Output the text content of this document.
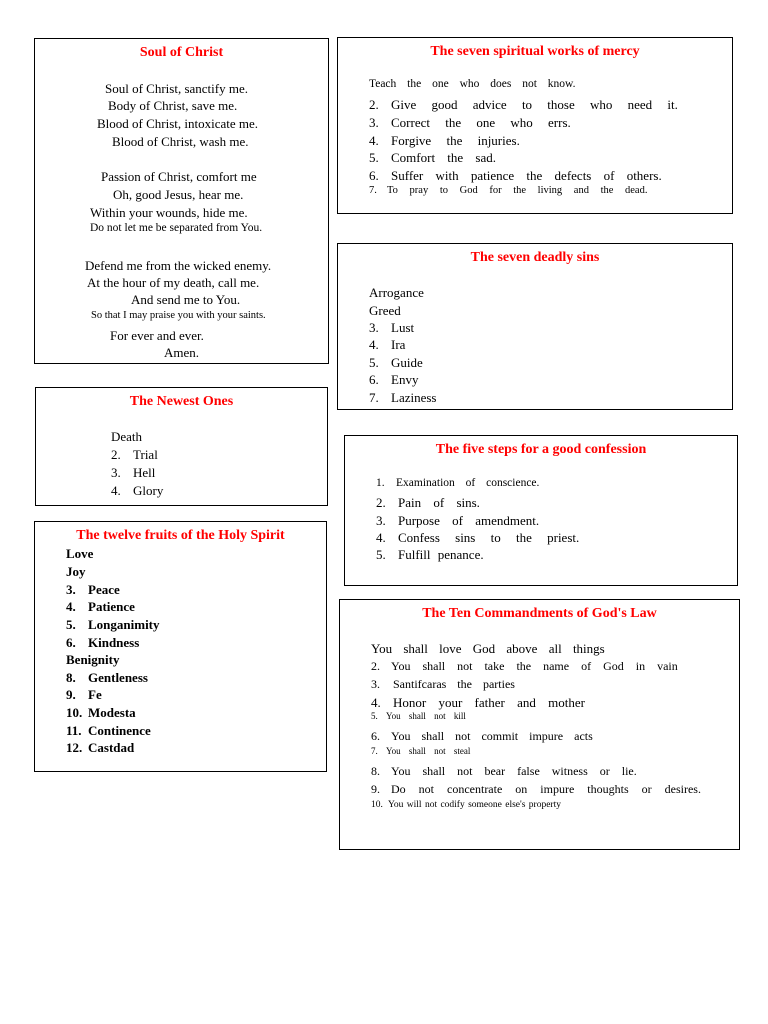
Soul of Christ
Soul of Christ, sanctify me.
Body of Christ, save me.
Blood of Christ, intoxicate me.
Blood of Christ, wash me.
Passion of Christ, comfort me
Oh, good Jesus, hear me.
Within your wounds, hide me.
Do not let me be separated from You.
Defend me from the wicked enemy.
At the hour of my death, call me.
And send me to You.
So that I may praise you with your saints.
For ever and ever.
Amen.
The seven spiritual works of mercy
Teach the one who does not know.
2. Give good advice to those who need it.
3. Correct the one who errs.
4. Forgive the injuries.
5. Comfort the sad.
6. Suffer with patience the defects of others.
7. To pray to God for the living and the dead.
The seven deadly sins
Arrogance
Greed
3. Lust
4. Ira
5. Guide
6. Envy
7. Laziness
The Newest Ones
Death
2. Trial
3. Hell
4. Glory
The five steps for a good confession
1. Examination of conscience.
2. Pain of sins.
3. Purpose of amendment.
4. Confess sins to the priest.
5. Fulfill penance.
The twelve fruits of the Holy Spirit
Love
Joy
3. Peace
4. Patience
5. Longanimity
6. Kindness
Benignity
8. Gentleness
9. Fe
10. Modesta
11. Continence
12. Castdad
The Ten Commandments of God's Law
You shall love God above all things
2. You shall not take the name of God in vain
3. Santifcaras the parties
4. Honor your father and mother
5. You shall not kill
6. You shall not commit impure acts
7. You shall not steal
8. You shall not bear false witness or lie.
9. Do not concentrate on impure thoughts or desires.
10. You will not codify someone else's property
